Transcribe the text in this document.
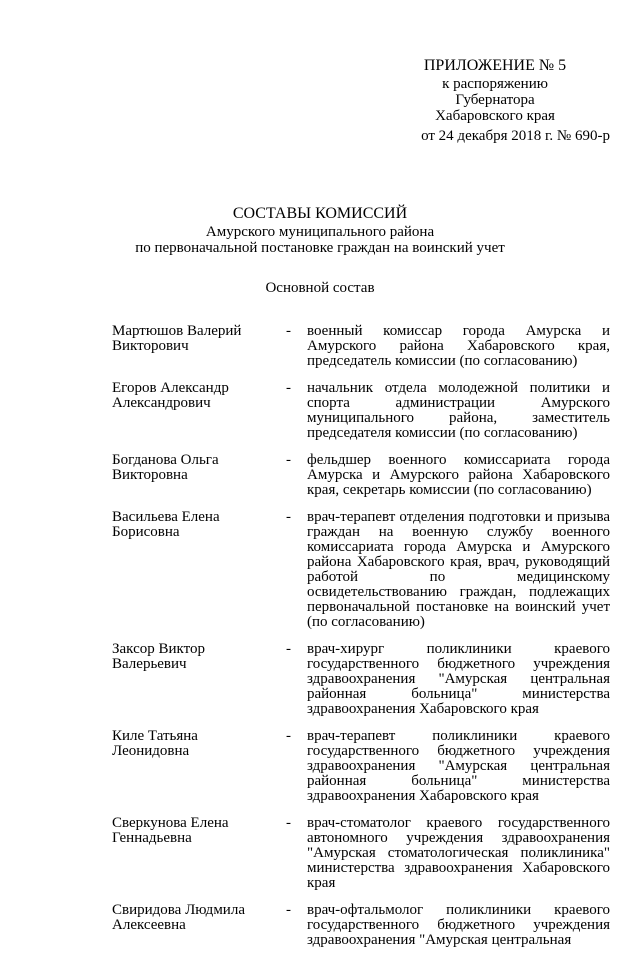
ПРИЛОЖЕНИЕ № 5
к распоряжению
Губернатора
Хабаровского края
от 24 декабря 2018 г. № 690-р
СОСТАВЫ КОМИССИЙ
Амурского муниципального района
по первоначальной постановке граждан на воинский учет
Основной состав
Мартюшов Валерий
Викторович
- военный комиссар города Амурска и Амурского района Хабаровского края, председатель комиссии (по согласованию)
Егоров Александр
Александрович
- начальник отдела молодежной политики и спорта администрации Амурского муниципального района, заместитель председателя комиссии (по согласованию)
Богданова Ольга
Викторовна
- фельдшер военного комиссариата города Амурска и Амурского района Хабаровского края, секретарь комиссии (по согласованию)
Васильева Елена
Борисовна
- врач-терапевт отделения подготовки и призыва граждан на военную службу военного комиссариата города Амурска и Амурского района Хабаровского края, врач, руководящий работой по медицинскому освидетельствованию граждан, подлежащих первоначальной постановке на воинский учет (по согласованию)
Заксор Виктор
Валерьевич
- врач-хирург поликлиники краевого государственного бюджетного учреждения здравоохранения "Амурская центральная районная больница" министерства здравоохранения Хабаровского края
Киле Татьяна
Леонидовна
- врач-терапевт поликлиники краевого государственного бюджетного учреждения здравоохранения "Амурская центральная районная больница" министерства здравоохранения Хабаровского края
Сверкунова Елена
Геннадьевна
- врач-стоматолог краевого государственного автономного учреждения здравоохранения "Амурская стоматологическая поликлиника" министерства здравоохранения Хабаровского края
Свиридова Людмила
Алексеевна
- врач-офтальмолог поликлиники краевого государственного бюджетного учреждения здравоохранения "Амурская центральная
